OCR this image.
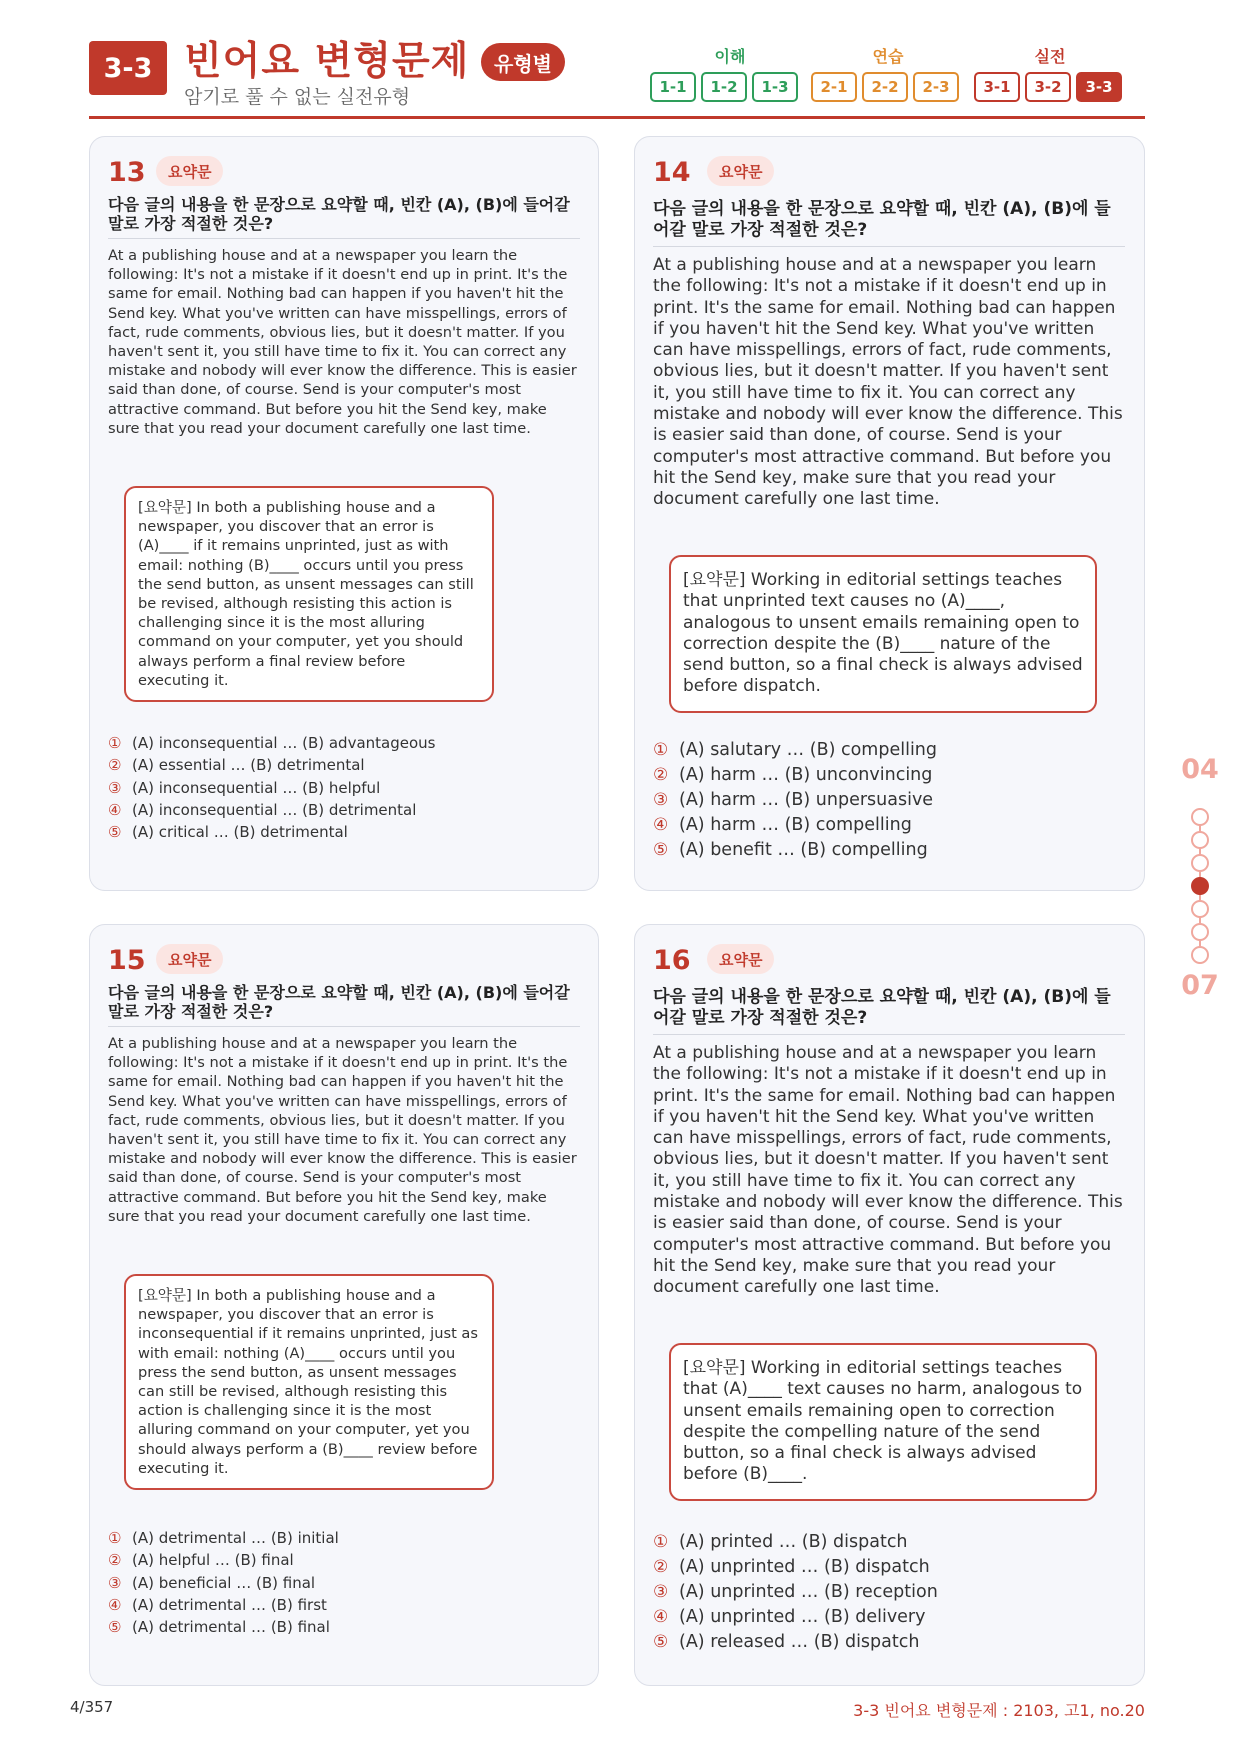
3-3 빈어요 변형문제	유형별
암기로 풀 수 없는 실전유형
이해
1-1	1-2	1-3
연습
2-1	2-2	2-3
실전
3-1	3-2	3-3
13	요약문
다음 글의 내용을 한 문장으로 요약할 때, 빈칸 (A), (B)에 들어갈 말로 가장 적절한 것은?
At a publishing house and at a newspaper you learn the following: It's not a mistake if it doesn't end up in print. It's the same for email. Nothing bad can happen if you haven't hit the Send key. What you've written can have misspellings, errors of fact, rude comments, obvious lies, but it doesn't matter. If you haven't sent it, you still have time to fix it. You can correct any mistake and nobody will ever know the difference. This is easier said than done, of course. Send is your computer's most attractive command. But before you hit the Send key, make sure that you read your document carefully one last time.
[요약문] In both a publishing house and a newspaper, you discover that an error is (A)____ if it remains unprinted, just as with email: nothing (B)____ occurs until you press the send button, as unsent messages can still be revised, although resisting this action is challenging since it is the most alluring command on your computer, yet you should always perform a final review before executing it.
① (A) inconsequential … (B) advantageous
② (A) essential … (B) detrimental
③ (A) inconsequential … (B) helpful
④ (A) inconsequential … (B) detrimental
⑤ (A) critical … (B) detrimental
14	요약문
다음 글의 내용을 한 문장으로 요약할 때, 빈칸 (A), (B)에 들어갈 말로 가장 적절한 것은?
At a publishing house and at a newspaper you learn the following: It's not a mistake if it doesn't end up in print. It's the same for email. Nothing bad can happen if you haven't hit the Send key. What you've written can have misspellings, errors of fact, rude comments, obvious lies, but it doesn't matter. If you haven't sent it, you still have time to fix it. You can correct any mistake and nobody will ever know the difference. This is easier said than done, of course. Send is your computer's most attractive command. But before you hit the Send key, make sure that you read your document carefully one last time.
[요약문] Working in editorial settings teaches that unprinted text causes no (A)____, analogous to unsent emails remaining open to correction despite the (B)____ nature of the send button, so a final check is always advised before dispatch.
① (A) salutary … (B) compelling
② (A) harm … (B) unconvincing
③ (A) harm … (B) unpersuasive
④ (A) harm … (B) compelling
⑤ (A) benefit … (B) compelling
15	요약문
다음 글의 내용을 한 문장으로 요약할 때, 빈칸 (A), (B)에 들어갈 말로 가장 적절한 것은?
At a publishing house and at a newspaper you learn the following: It's not a mistake if it doesn't end up in print. It's the same for email. Nothing bad can happen if you haven't hit the Send key. What you've written can have misspellings, errors of fact, rude comments, obvious lies, but it doesn't matter. If you haven't sent it, you still have time to fix it. You can correct any mistake and nobody will ever know the difference. This is easier said than done, of course. Send is your computer's most attractive command. But before you hit the Send key, make sure that you read your document carefully one last time.
[요약문] In both a publishing house and a newspaper, you discover that an error is inconsequential if it remains unprinted, just as with email: nothing (A)____ occurs until you press the send button, as unsent messages can still be revised, although resisting this action is challenging since it is the most alluring command on your computer, yet you should always perform a (B)____ review before executing it.
① (A) detrimental … (B) initial
② (A) helpful … (B) final
③ (A) beneficial … (B) final
④ (A) detrimental … (B) first
⑤ (A) detrimental … (B) final
16	요약문
다음 글의 내용을 한 문장으로 요약할 때, 빈칸 (A), (B)에 들어갈 말로 가장 적절한 것은?
At a publishing house and at a newspaper you learn the following: It's not a mistake if it doesn't end up in print. It's the same for email. Nothing bad can happen if you haven't hit the Send key. What you've written can have misspellings, errors of fact, rude comments, obvious lies, but it doesn't matter. If you haven't sent it, you still have time to fix it. You can correct any mistake and nobody will ever know the difference. This is easier said than done, of course. Send is your computer's most attractive command. But before you hit the Send key, make sure that you read your document carefully one last time.
[요약문] Working in editorial settings teaches that (A)____ text causes no harm, analogous to unsent emails remaining open to correction despite the compelling nature of the send button, so a final check is always advised before (B)____.
① (A) printed … (B) dispatch
② (A) unprinted … (B) dispatch
③ (A) unprinted … (B) reception
④ (A) unprinted … (B) delivery
⑤ (A) released … (B) dispatch
04
07
4/357	3-3 빈어요 변형문제 : 2103, 고1, no.20
